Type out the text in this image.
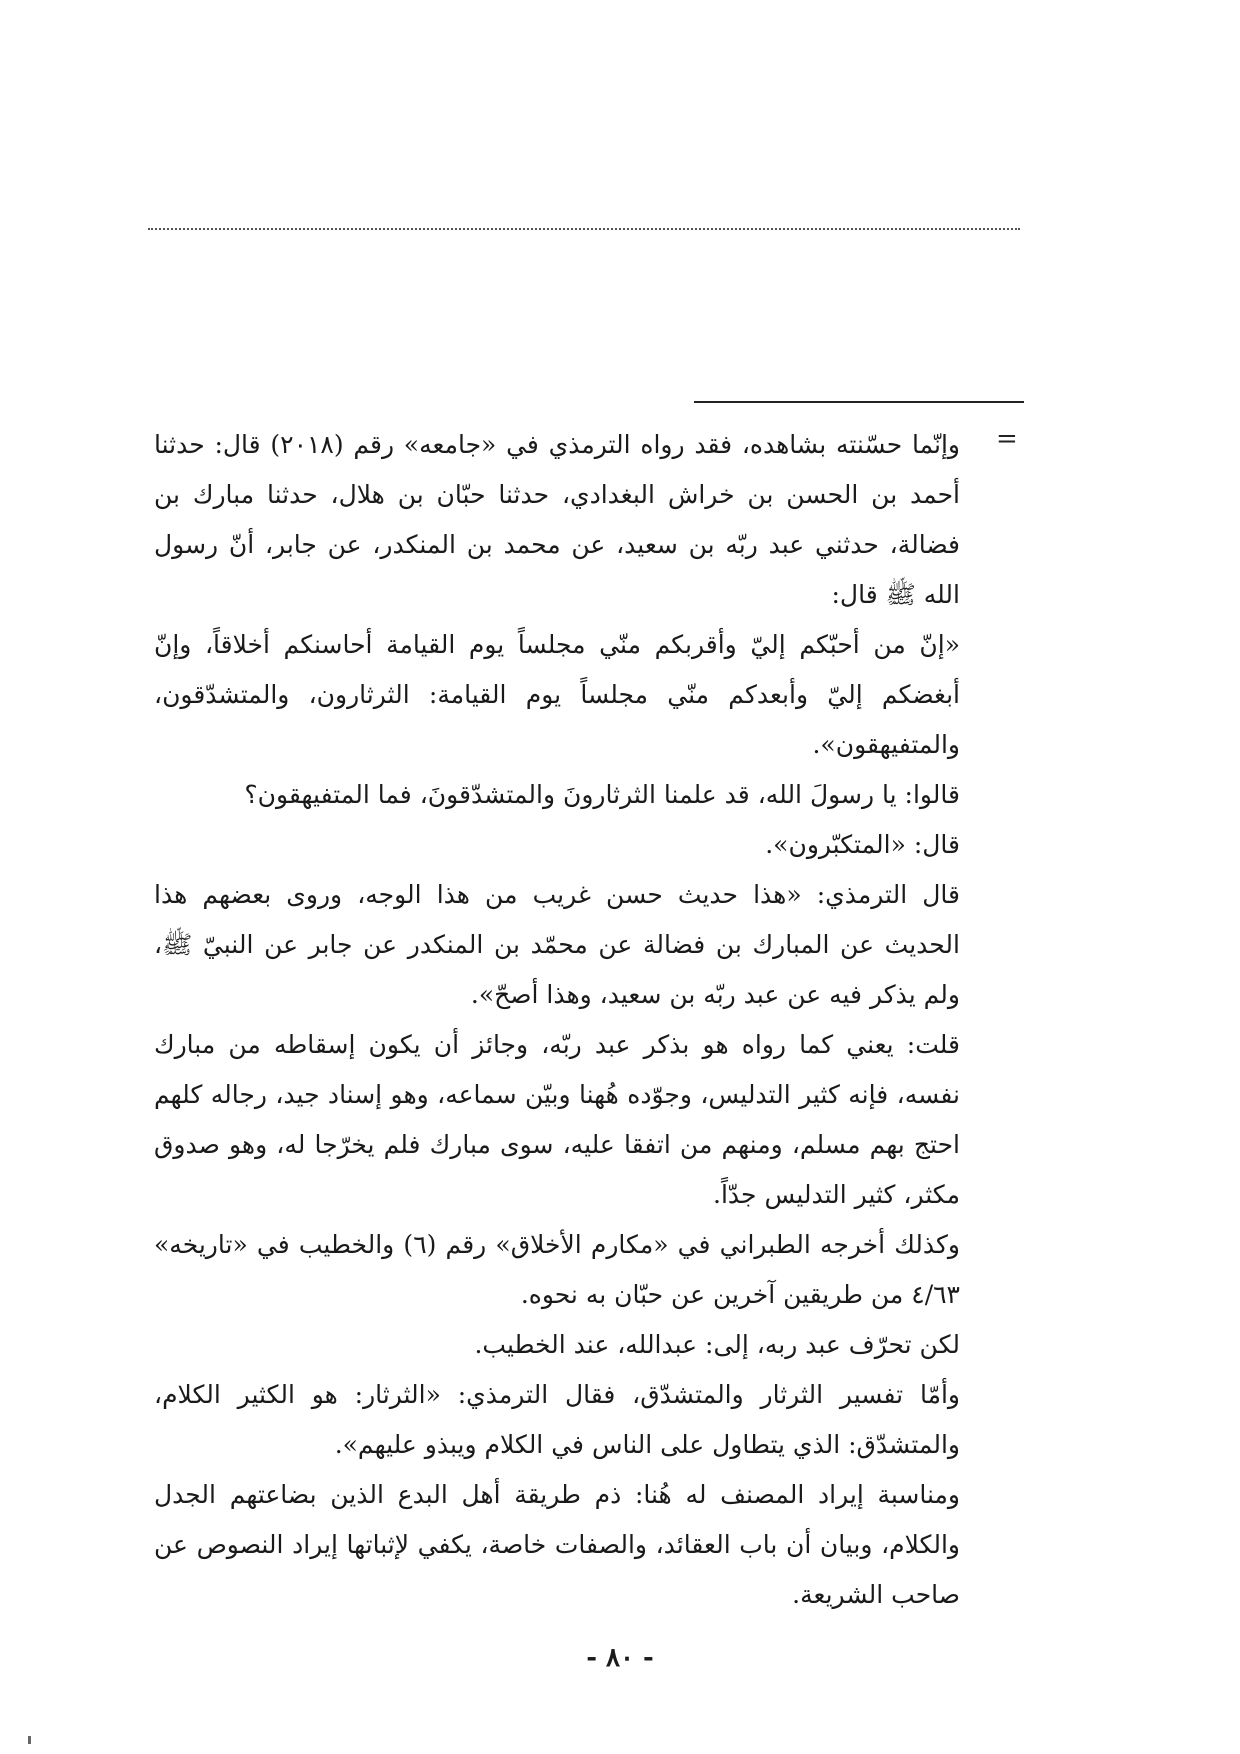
=

وإنّما حسّنته بشاهده، فقد رواه الترمذي في «جامعه» رقم (٢٠١٨) قال: حدثنا أحمد بن الحسن بن خراش البغدادي، حدثنا حبّان بن هلال، حدثنا مبارك بن فضالة، حدثني عبد ربّه بن سعيد، عن محمد بن المنكدر، عن جابر، أنّ رسول الله ﷺ قال:

«إنّ من أحبّكم إليّ وأقربكم منّي مجلساً يوم القيامة أحاسنكم أخلاقاً، وإنّ أبغضكم إليّ وأبعدكم منّي مجلساً يوم القيامة: الثرثارون، والمتشدّقون، والمتفيهقون».

قالوا: يا رسولَ الله، قد علمنا الثرثارونَ والمتشدّقونَ، فما المتفيهقون؟

قال: «المتكبّرون».

قال الترمذي: «هذا حديث حسن غريب من هذا الوجه، وروى بعضهم هذا الحديث عن المبارك بن فضالة عن محمّد بن المنكدر عن جابر عن النبيّ ﷺ، ولم يذكر فيه عن عبد ربّه بن سعيد، وهذا أصحّ».

قلت: يعني كما رواه هو بذكر عبد ربّه، وجائز أن يكون إسقاطه من مبارك نفسه، فإنه كثير التدليس، وجوّده هُهنا وبيّن سماعه، وهو إسناد جيد، رجاله كلهم احتج بهم مسلم، ومنهم من اتفقا عليه، سوى مبارك فلم يخرّجا له، وهو صدوق مكثر، كثير التدليس جدّاً.

وكذلك أخرجه الطبراني في «مكارم الأخلاق» رقم (٦) والخطيب في «تاريخه» ٤/٦٣ من طريقين آخرين عن حبّان به نحوه.

لكن تحرّف عبد ربه، إلى: عبدالله، عند الخطيب.

وأمّا تفسير الثرثار والمتشدّق، فقال الترمذي: «الثرثار: هو الكثير الكلام، والمتشدّق: الذي يتطاول على الناس في الكلام ويبذو عليهم».

ومناسبة إيراد المصنف له هُنا: ذم طريقة أهل البدع الذين بضاعتهم الجدل والكلام، وبيان أن باب العقائد، والصفات خاصة، يكفي لإثباتها إيراد النصوص عن صاحب الشريعة.

- ٨٠ -
